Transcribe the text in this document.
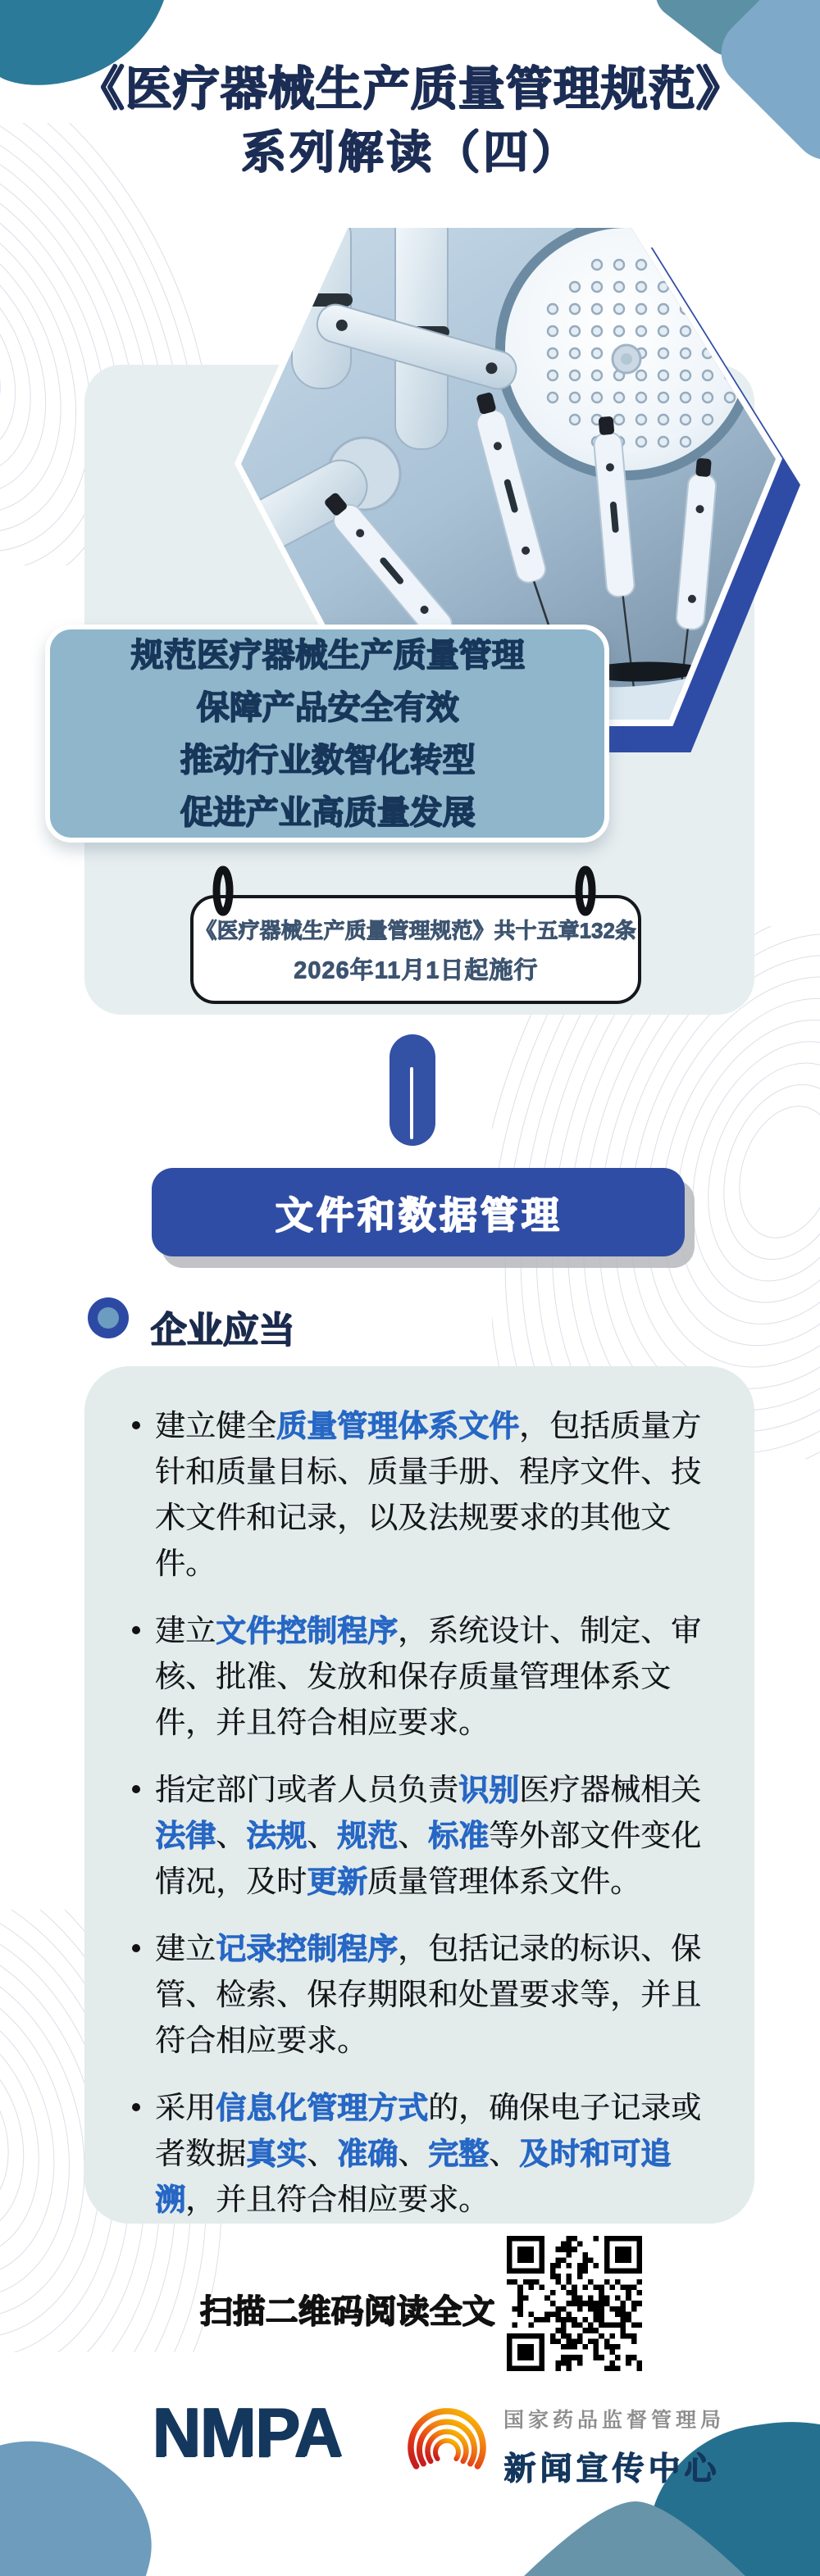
《医疗器械生产质量管理规范》
系列解读（四）
规范医疗器械生产质量管理
保障产品安全有效
推动行业数智化转型
促进产业高质量发展
《医疗器械生产质量管理规范》共十五章132条
2026年11月1日起施行
文件和数据管理
企业应当

建立健全质量管理体系文件，包括质量方针和质量目标、质量手册、程序文件、技术文件和记录，以及法规要求的其他文件。

建立文件控制程序，系统设计、制定、审核、批准、发放和保存质量管理体系文件，并且符合相应要求。

指定部门或者人员负责识别医疗器械相关法律、法规、规范、标准等外部文件变化情况，及时更新质量管理体系文件。

建立记录控制程序，包括记录的标识、保管、检索、保存期限和处置要求等，并且符合相应要求。

采用信息化管理方式的，确保电子记录或者数据真实、准确、完整、及时和可追溯，并且符合相应要求。

扫描二维码阅读全文
NMPA	国家药品监督管理局
新闻宣传中心
